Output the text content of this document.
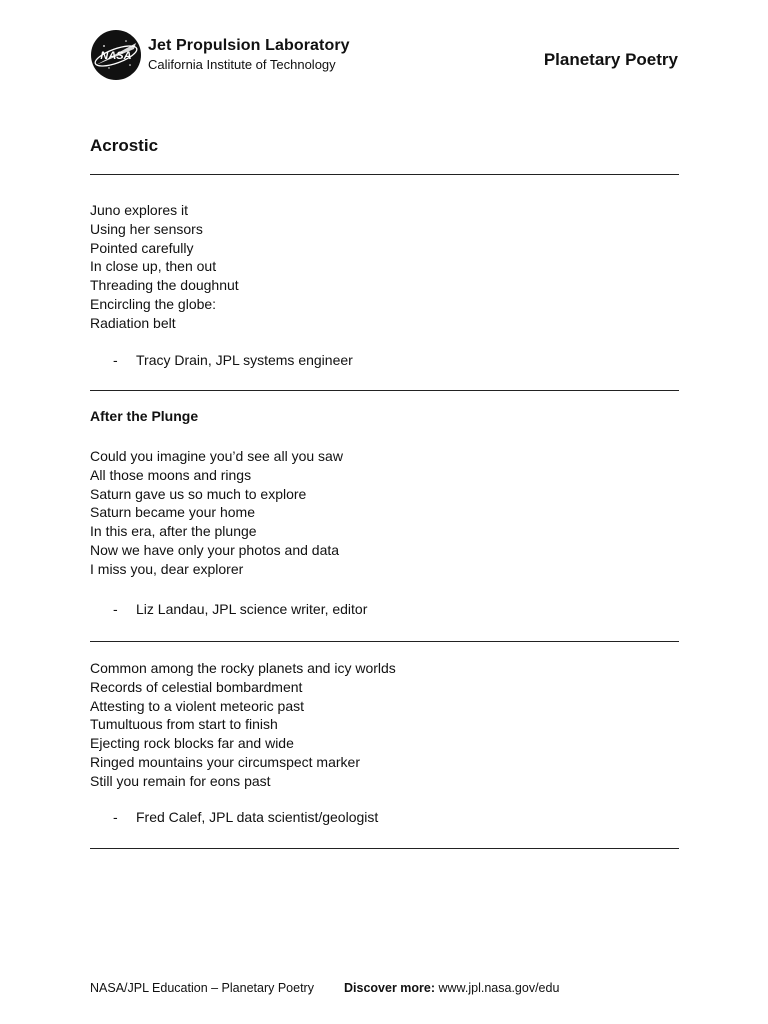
NASA
Jet Propulsion Laboratory
California Institute of Technology	Planetary Poetry
Acrostic
Juno explores it
Using her sensors
Pointed carefully
In close up, then out
Threading the doughnut
Encircling the globe:
Radiation belt
- Tracy Drain, JPL systems engineer
After the Plunge
Could you imagine you’d see all you saw
All those moons and rings
Saturn gave us so much to explore
Saturn became your home
In this era, after the plunge
Now we have only your photos and data
I miss you, dear explorer
- Liz Landau, JPL science writer, editor
Common among the rocky planets and icy worlds
Records of celestial bombardment
Attesting to a violent meteoric past
Tumultuous from start to finish
Ejecting rock blocks far and wide
Ringed mountains your circumspect marker
Still you remain for eons past
- Fred Calef, JPL data scientist/geologist
NASA/JPL Education – Planetary Poetry Discover more: www.jpl.nasa.gov/edu
